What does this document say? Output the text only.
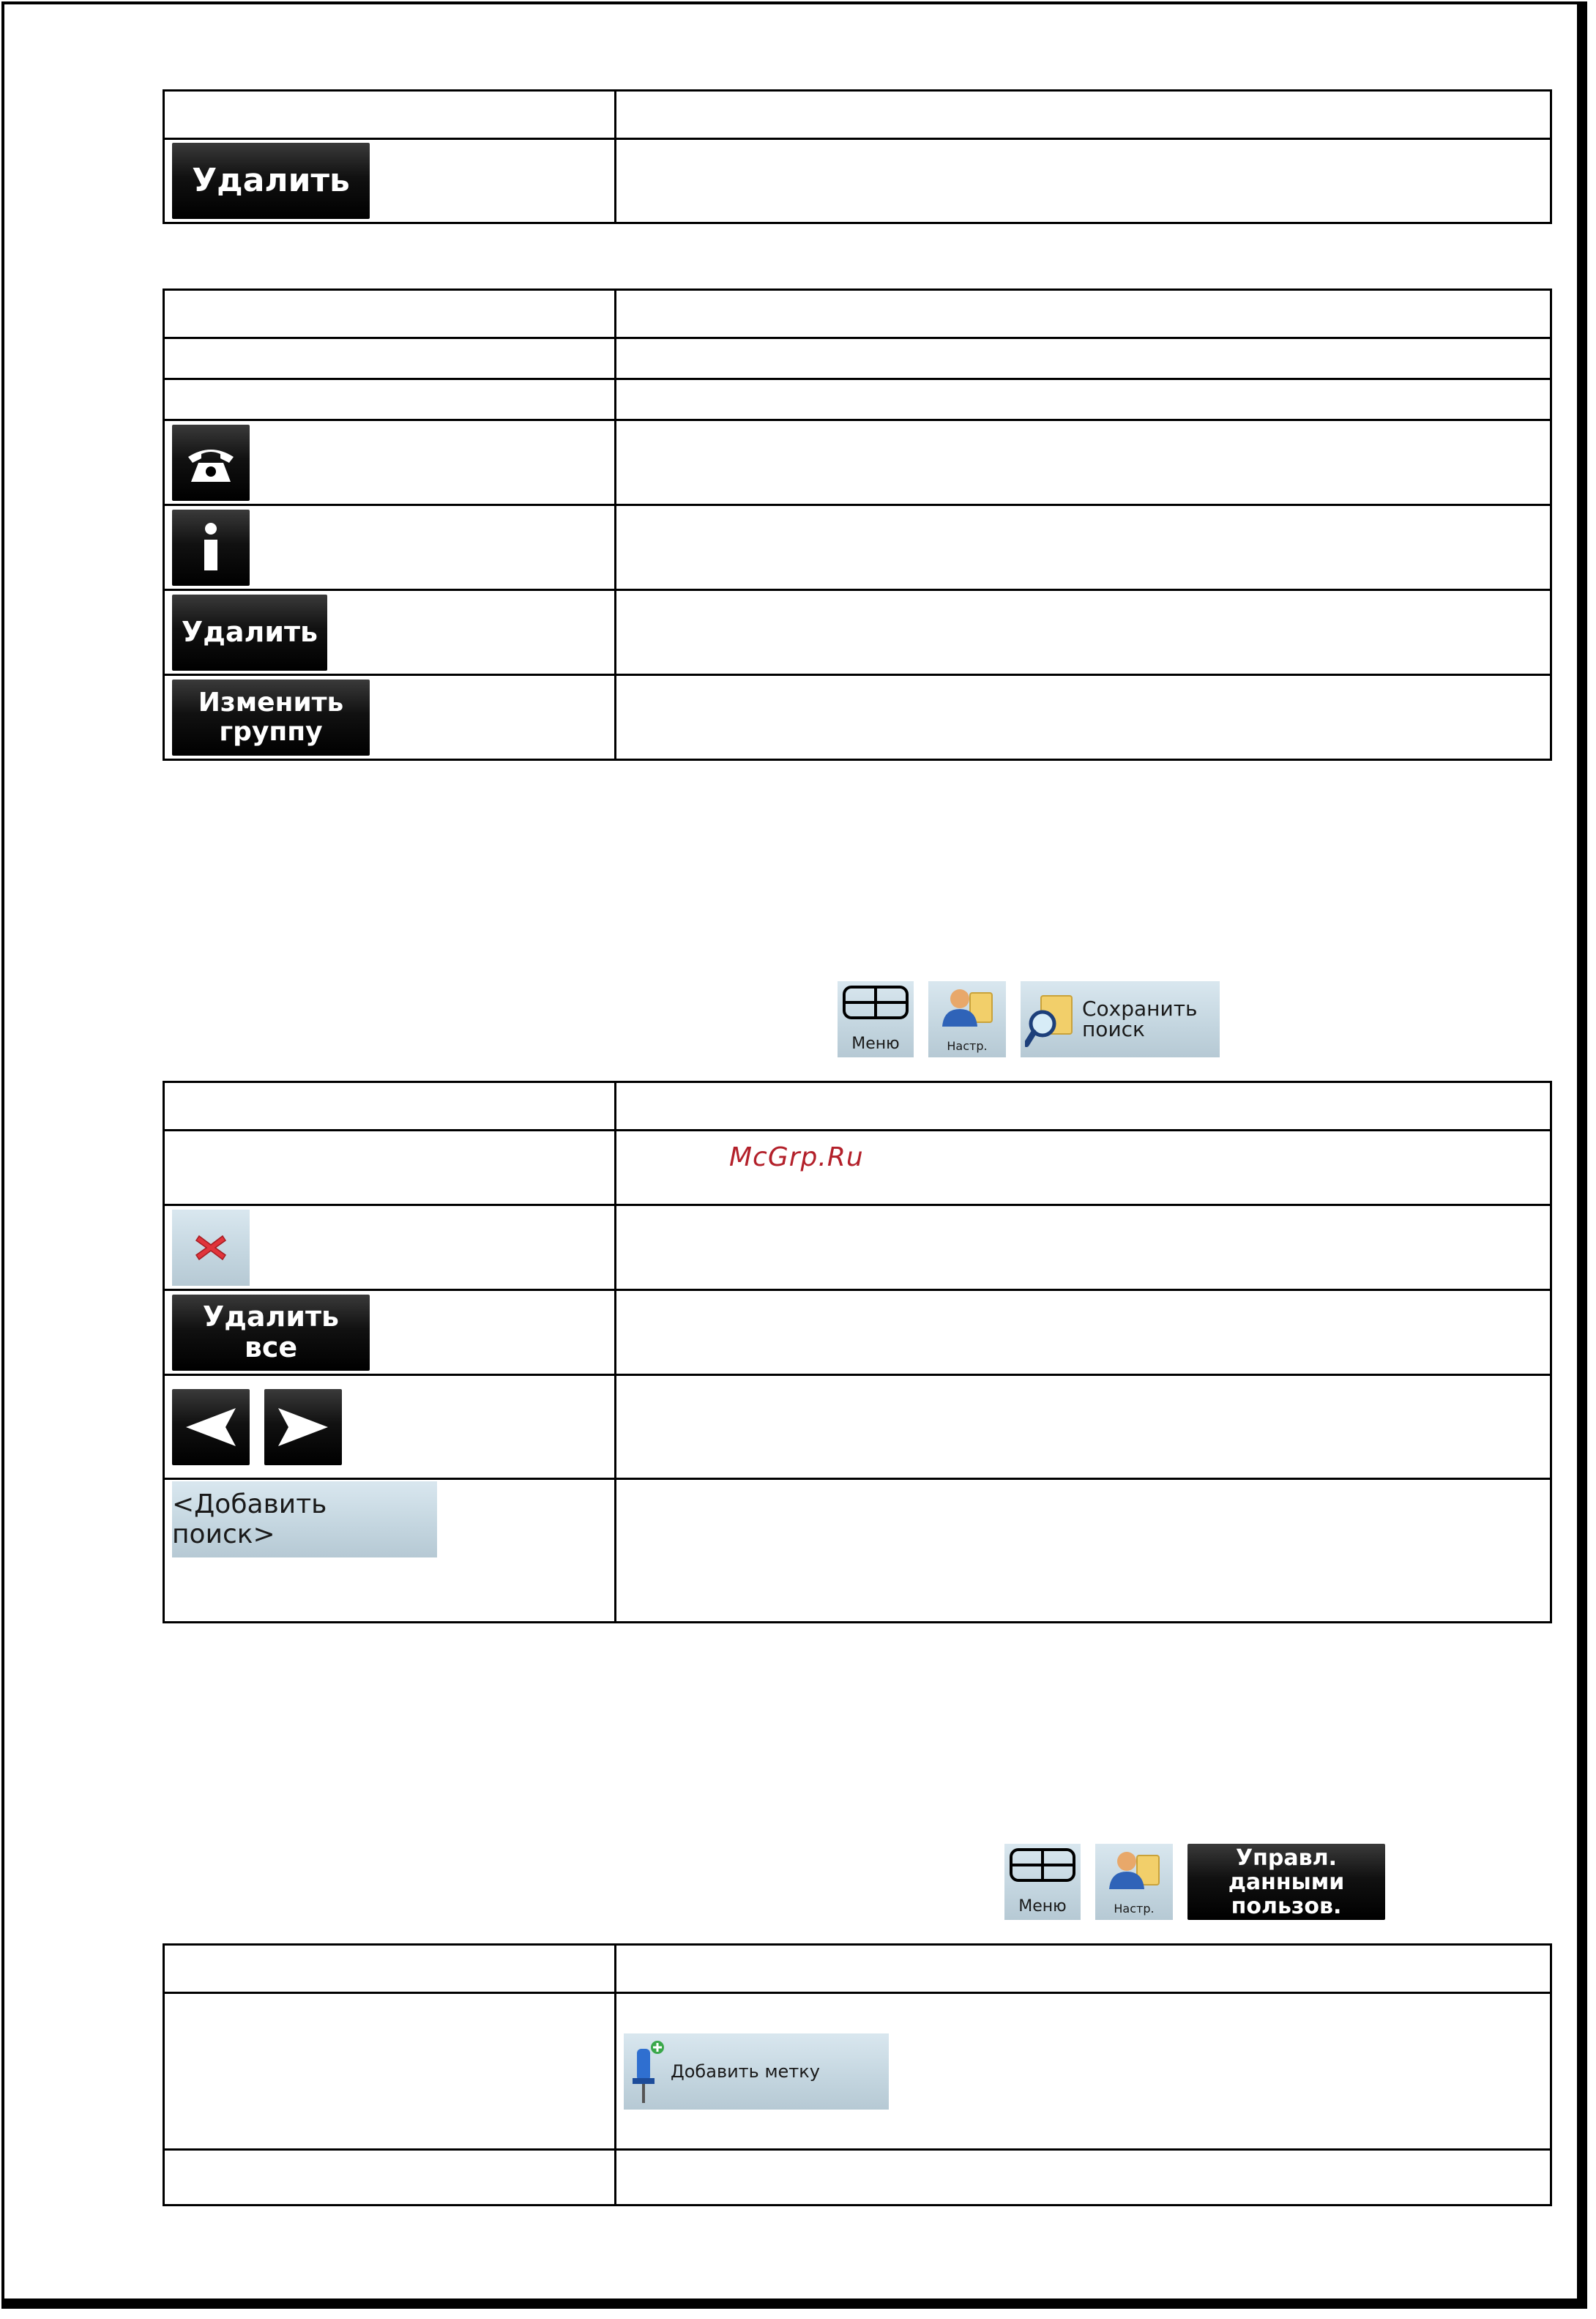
Удалить	

Удалить	

Изменить
группу	

Меню	Настр.
Сохранить
поиск

Удалить все	

<Добавить поиск>	

McGrp.Ru
Меню	Настр.
Управл. данными
пользов.

	Добавить метку
